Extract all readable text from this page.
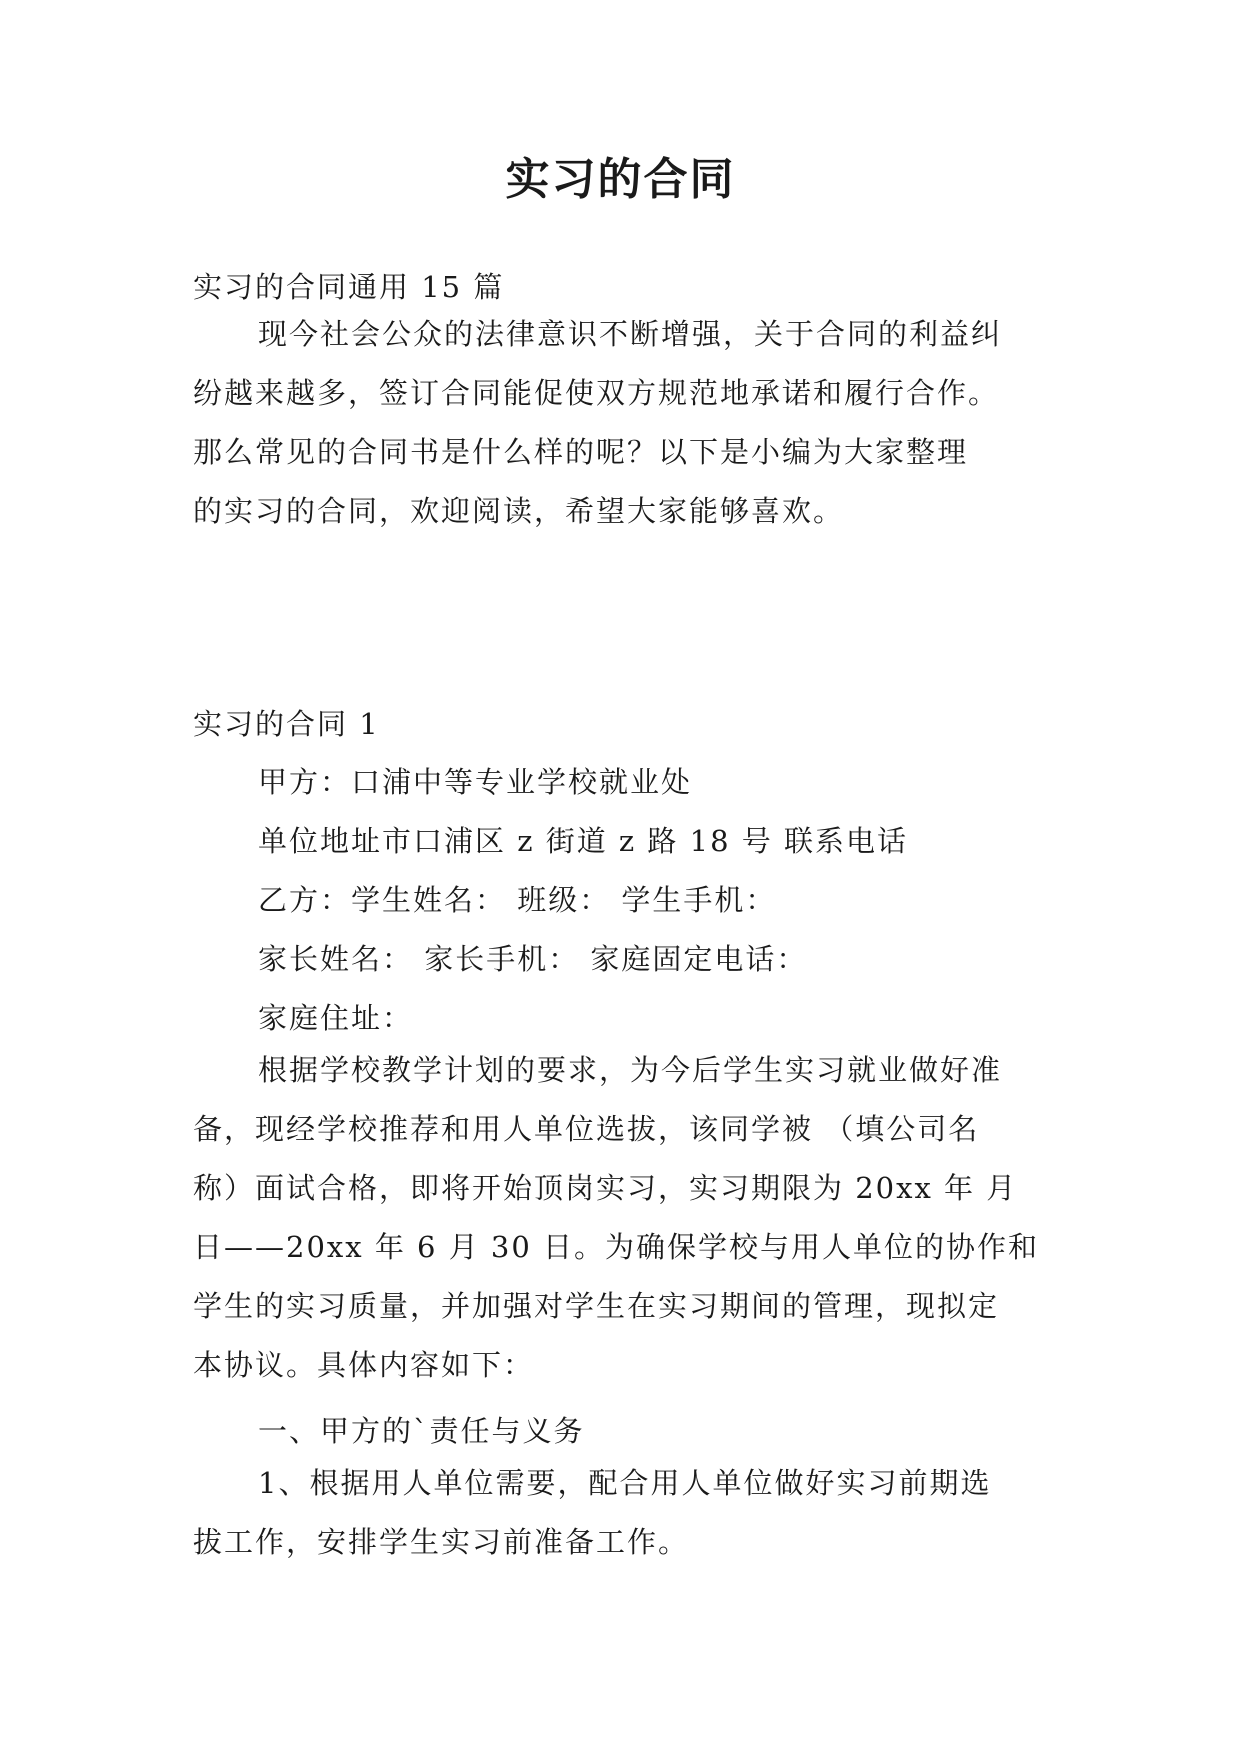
实习的合同

实习的合同通用 15 篇

现今社会公众的法律意识不断增强，关于合同的利益纠
纷越来越多，签订合同能促使双方规范地承诺和履行合作。
那么常见的合同书是什么样的呢？以下是小编为大家整理
的实习的合同，欢迎阅读，希望大家能够喜欢。

实习的合同 1

甲方：口浦中等专业学校就业处

单位地址市口浦区 z 街道 z 路 18 号 联系电话

乙方：学生姓名： 班级： 学生手机：

家长姓名： 家长手机： 家庭固定电话：

家庭住址：

根据学校教学计划的要求，为今后学生实习就业做好准
备，现经学校推荐和用人单位选拔，该同学被 （填公司名
称）面试合格，即将开始顶岗实习，实习期限为 20xx 年 月
日——20xx 年 6 月 30 日。为确保学校与用人单位的协作和
学生的实习质量，并加强对学生在实习期间的管理，现拟定
本协议。具体内容如下：

一、甲方的`责任与义务

1、根据用人单位需要，配合用人单位做好实习前期选
拔工作，安排学生实习前准备工作。
